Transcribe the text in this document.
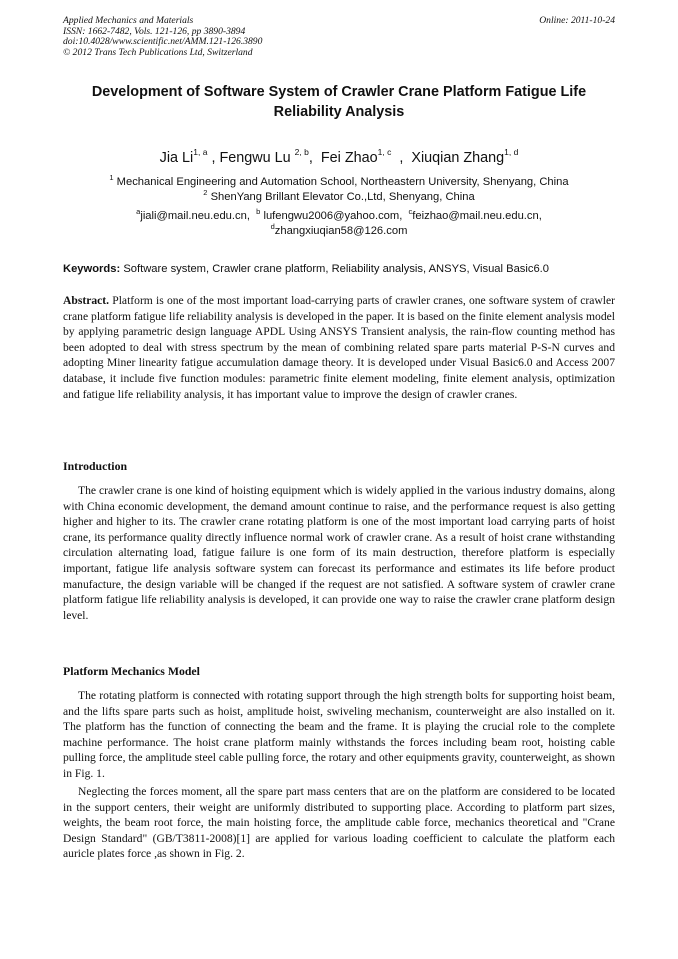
Applied Mechanics and Materials
ISSN: 1662-7482, Vols. 121-126, pp 3890-3894
doi:10.4028/www.scientific.net/AMM.121-126.3890
© 2012 Trans Tech Publications Ltd, Switzerland
Online: 2011-10-24
Development of Software System of Crawler Crane Platform Fatigue Life
Reliability Analysis
Jia Li$^{1, a}$ , Fengwu Lu $^{2, b}$,  Fei Zhao$^{1, c}$  ,  Xiuqian Zhang$^{1, d}$
$^1$ Mechanical Engineering and Automation School, Northeastern University, Shenyang, China
$^2$ ShenYang Brillant Elevator Co.,Ltd, Shenyang, China
$^a$jiali@mail.neu.edu.cn, $^b$ lufengwu2006@yahoo.com, $^c$feizhao@mail.neu.edu.cn,
$^d$zhangxiuqian58@126.com
Keywords: Software system, Crawler crane platform, Reliability analysis, ANSYS, Visual Basic6.0

Abstract. Platform is one of the most important load-carrying parts of crawler cranes, one software system of crawler crane platform fatigue life reliability analysis is developed in the paper. It is based on the finite element analysis model by applying parametric design language APDL Using ANSYS Transient analysis, the rain-flow counting method has been adopted to deal with stress spectrum by the mean of combining related spare parts material P-S-N curves and adopting Miner linearity fatigue accumulation damage theory. It is developed under Visual Basic6.0 and Access 2007 database, it include five function modules: parametric finite element modeling, finite element analysis, optimization and fatigue life reliability analysis, it has important value to improve the design of crawler cranes.

Introduction

The crawler crane is one kind of hoisting equipment which is widely applied in the various industry domains, along with China economic development, the demand amount continue to raise, and the performance request is also getting higher and higher to its. The crawler crane rotating platform is one of the most important load carrying parts of hoist crane, its performance quality directly influence normal work of crawler crane. As a result of hoist crane withstanding circulation alternating load, fatigue failure is one form of its main destruction, therefore platform is especially important, fatigue life analysis software system can forecast its performance and estimates its life before product manufacture, the design variable will be changed if the request are not satisfied. A software system of crawler crane platform fatigue life reliability analysis is developed, it can provide one way to raise the crawler crane platform design level.

Platform Mechanics Model

The rotating platform is connected with rotating support through the high strength bolts for supporting hoist beam, and the lifts spare parts such as hoist, amplitude hoist, swiveling mechanism, counterweight are also installed on it. The platform has the function of connecting the beam and the frame. It is playing the crucial role to the complete machine performance. The hoist crane platform mainly withstands the forces including beam root, hoisting cable pulling force, the amplitude steel cable pulling force, the rotary and other equipments gravity, counterweight, as shown in Fig. 1.

Neglecting the forces moment, all the spare part mass centers that are on the platform are considered to be located in the support centers, their weight are uniformly distributed to supporting place. According to platform part sizes, weights, the beam root force, the main hoisting force, the amplitude cable force, mechanics theoretical and "Crane Design Standard" (GB/T3811-2008)[1] are applied for various loading coefficient to calculate the platform each auricle plates force ,as shown in Fig. 2.
